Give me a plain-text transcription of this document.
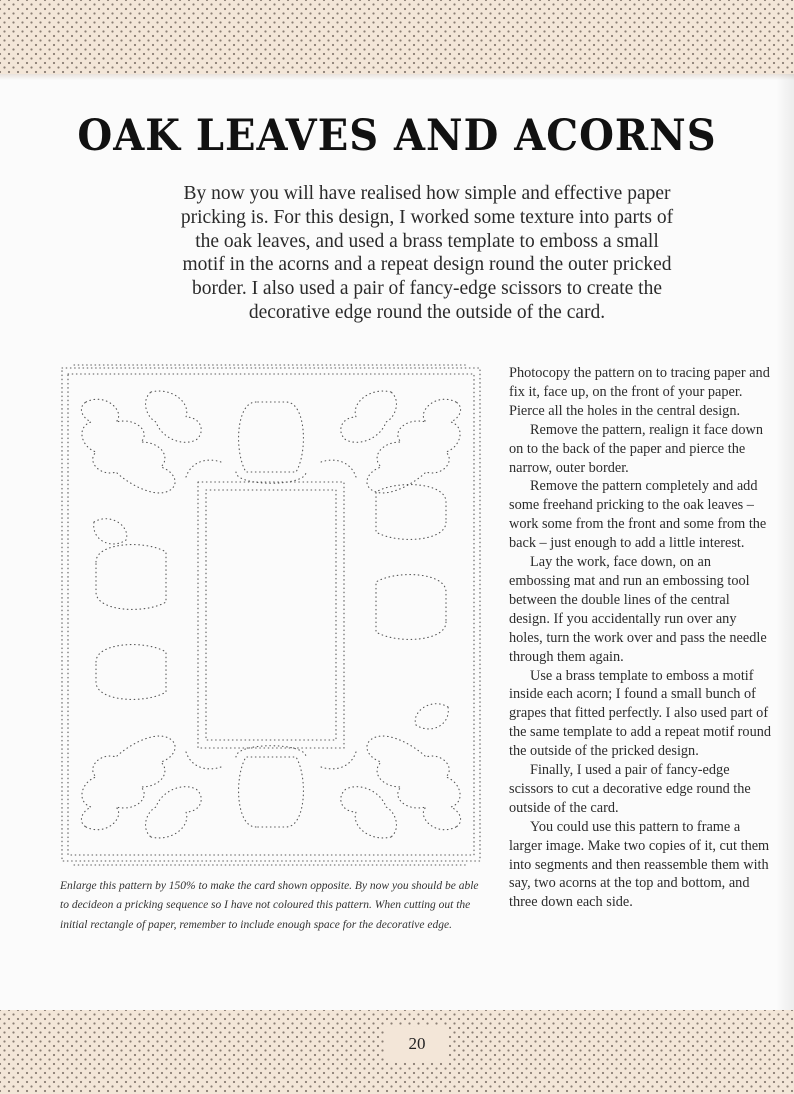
OAK LEAVES AND ACORNS
By now you will have realised how simple and effective paper pricking is. For this design, I worked some texture into parts of the oak leaves, and used a brass template to emboss a small motif in the acorns and a repeat design round the outer pricked border. I also used a pair of fancy-edge scissors to create the decorative edge round the outside of the card.
Enlarge this pattern by 150% to make the card shown opposite. By now you should be able to decideon a pricking sequence so I have not coloured this pattern. When cutting out the initial rectangle of paper, remember to include enough space for the decorative edge.

Photocopy the pattern on to tracing paper and fix it, face up, on the front of your paper. Pierce all the holes in the central design.

Remove the pattern, realign it face down on to the back of the paper and pierce the narrow, outer border.

Remove the pattern completely and add some freehand pricking to the oak leaves – work some from the front and some from the back – just enough to add a little interest.

Lay the work, face down, on an embossing mat and run an embossing tool between the double lines of the central design. If you accidentally run over any holes, turn the work over and pass the needle through them again.

Use a brass template to emboss a motif inside each acorn; I found a small bunch of grapes that fitted perfectly. I also used part of the same template to add a repeat motif round the outside of the pricked design.

Finally, I used a pair of fancy-edge scissors to cut a decorative edge round the outside of the card.

You could use this pattern to frame a larger image. Make two copies of it, cut them into segments and then reassemble them with say, two acorns at the top and bottom, and three down each side.

20
